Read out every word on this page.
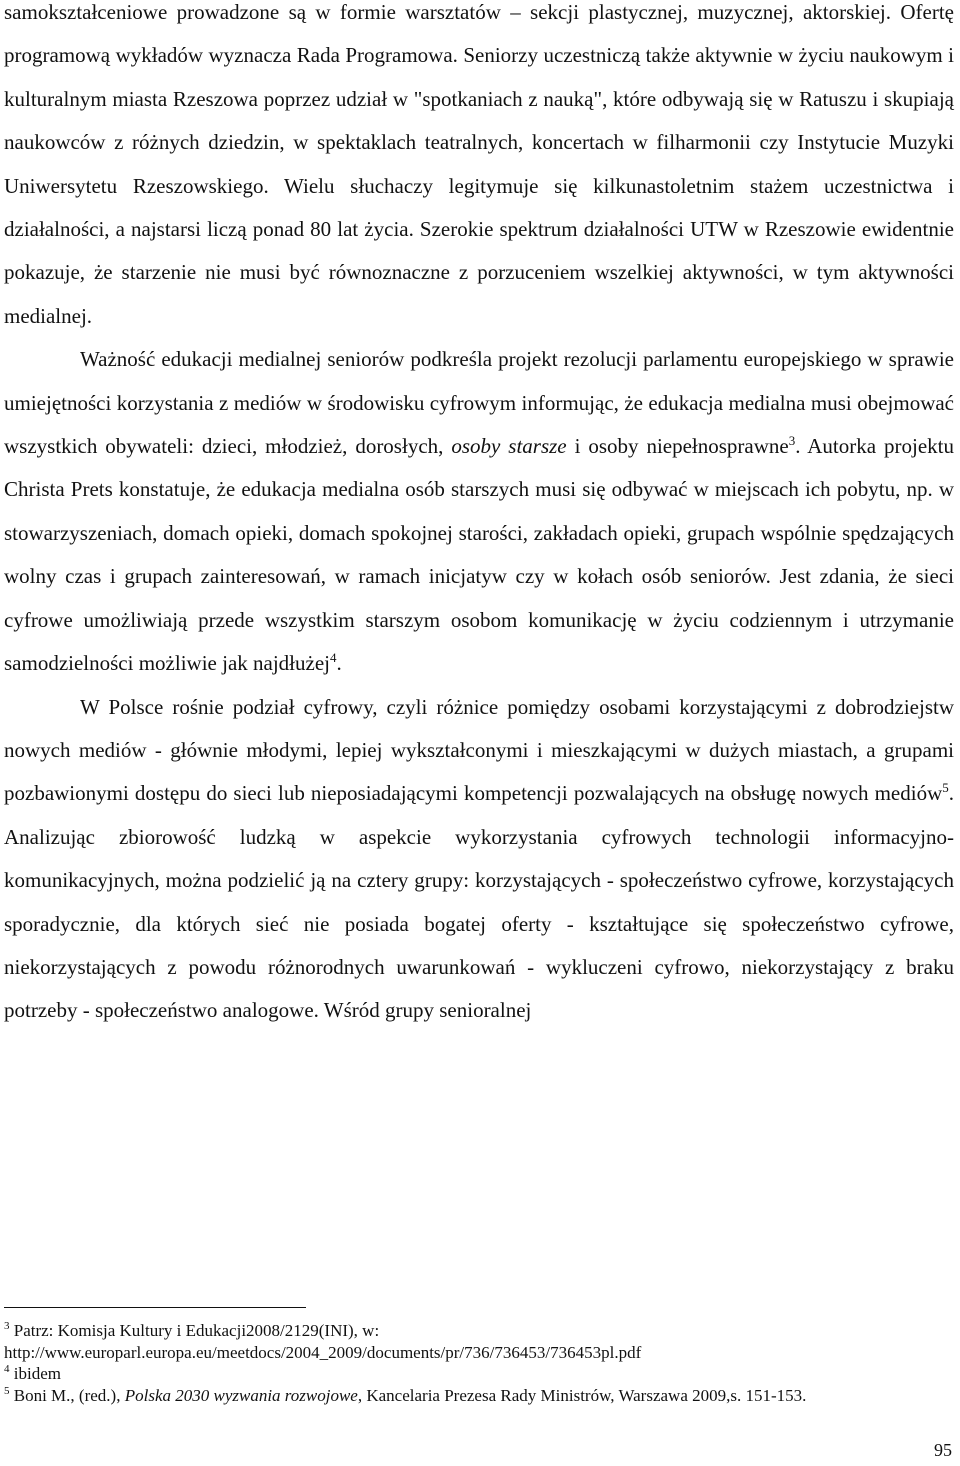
samokształceniowe prowadzone są w formie warsztatów – sekcji plastycznej, muzycznej, aktorskiej. Ofertę programową wykładów wyznacza Rada Programowa. Seniorzy uczestniczą także aktywnie w życiu naukowym i kulturalnym miasta Rzeszowa poprzez udział w "spotkaniach z nauką", które odbywają się w Ratuszu i skupiają naukowców z różnych dziedzin, w spektaklach teatralnych, koncertach w filharmonii czy Instytucie Muzyki Uniwersytetu Rzeszowskiego. Wielu słuchaczy legitymuje się kilkunastoletnim stażem uczestnictwa i działalności, a najstarsi liczą ponad 80 lat życia. Szerokie spektrum działalności UTW w Rzeszowie ewidentnie pokazuje, że starzenie nie musi być równoznaczne z porzuceniem wszelkiej aktywności, w tym aktywności medialnej.

Ważność edukacji medialnej seniorów podkreśla projekt rezolucji parlamentu europejskiego w sprawie umiejętności korzystania z mediów w środowisku cyfrowym informując, że edukacja medialna musi obejmować wszystkich obywateli: dzieci, młodzież, dorosłych, osoby starsze i osoby niepełnosprawne$^3$. Autorka projektu Christa Prets konstatuje, że edukacja medialna osób starszych musi się odbywać w miejscach ich pobytu, np. w stowarzyszeniach, domach opieki, domach spokojnej starości, zakładach opieki, grupach wspólnie spędzających wolny czas i grupach zainteresowań, w ramach inicjatyw czy w kołach osób seniorów. Jest zdania, że sieci cyfrowe umożliwiają przede wszystkim starszym osobom komunikację w życiu codziennym i utrzymanie samodzielności możliwie jak najdłużej$^4$.

W Polsce rośnie podział cyfrowy, czyli różnice pomiędzy osobami korzystającymi z dobrodziejstw nowych mediów - głównie młodymi, lepiej wykształconymi i mieszkającymi w dużych miastach, a grupami pozbawionymi dostępu do sieci lub nieposiadającymi kompetencji pozwalających na obsługę nowych mediów$^5$. Analizując zbiorowość ludzką w aspekcie wykorzystania cyfrowych technologii informacyjno-komunikacyjnych, można podzielić ją na cztery grupy: korzystających - społeczeństwo cyfrowe, korzystających sporadycznie, dla których sieć nie posiada bogatej oferty - kształtujące się społeczeństwo cyfrowe, niekorzystających z powodu różnorodnych uwarunkowań - wykluczeni cyfrowo, niekorzystający z braku potrzeby - społeczeństwo analogowe. Wśród grupy senioralnej

$^3$ Patrz: Komisja Kultury i Edukacji2008/2129(INI), w:
http://www.europarl.europa.eu/meetdocs/2004_2009/documents/pr/736/736453/736453pl.pdf

$^4$ ibidem

$^5$ Boni M., (red.), Polska 2030 wyzwania rozwojowe, Kancelaria Prezesa Rady Ministrów, Warszawa 2009,s. 151-153.

95
